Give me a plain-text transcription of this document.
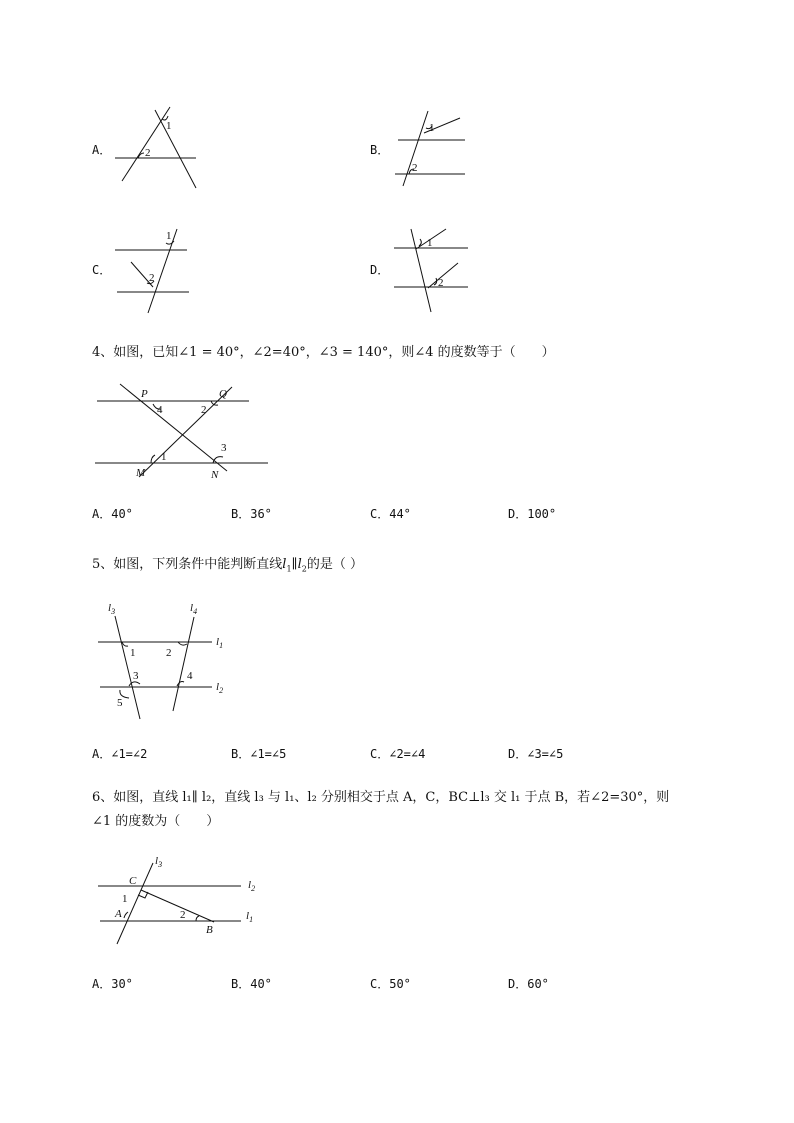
A．
1
2	B．
1
2
C．
1
2
D．
1
2
4、如图，已知∠1 = 40°，∠2=40°，∠3 = 140°，则∠4 的度数等于（　　）
P	Q
M	N
1
2
3
4
A．40°	B．36°	C．44°	D．100°
5、如图，下列条件中能判断直线$l_1\parallel l_2$的是（ ）
$l_3$	$l_4$
$l_1$
$l_2$
1	2
3	4
5
A．∠1=∠2	B．∠1=∠5	C．∠2=∠4	D．∠3=∠5
6、如图，直线 l₁∥ l₂，直线 l₃ 与 l₁、l₂ 分别相交于点 A，C，BC⊥l₃ 交 l₁ 于点 B，若∠2=30°，则
∠1 的度数为（　　）
C
A
B
1
2
$l_3$
$l_2$
$l_1$
A．30°	B．40°	C．50°	D．60°
